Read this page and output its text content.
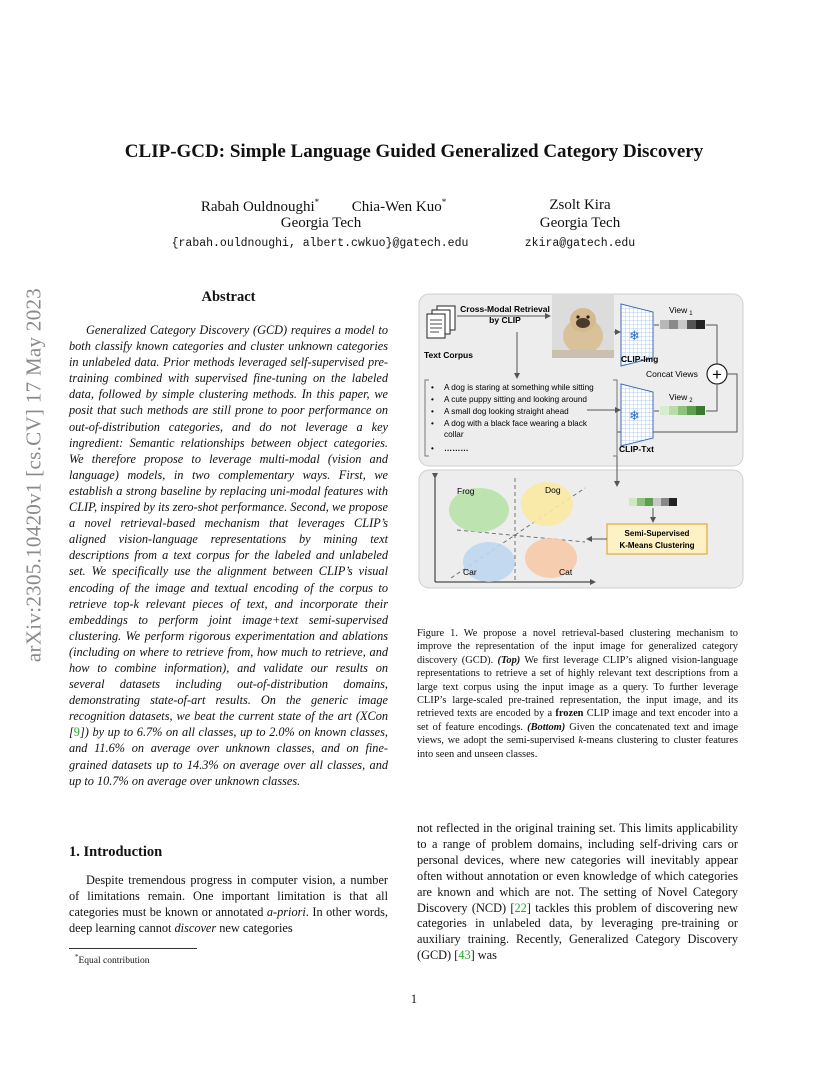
CLIP-GCD: Simple Language Guided Generalized Category Discovery
Rabah Ouldnoughi*	Chia-Wen Kuo*
Georgia Tech
Zsolt Kira
Georgia Tech
{rabah.ouldnoughi, albert.cwkuo}@gatech.edu	zkira@gatech.edu
arXiv:2305.10420v1 [cs.CV] 17 May 2023	Abstract

Generalized Category Discovery (GCD) requires a model to both classify known categories and cluster unknown categories in unlabeled data. Prior methods leveraged self-supervised pre-training combined with supervised fine-tuning on the labeled data, followed by simple clustering methods. In this paper, we posit that such methods are still prone to poor performance on out-of-distribution categories, and do not leverage a key ingredient: Semantic relationships between object categories. We therefore propose to leverage multi-modal (vision and language) models, in two complementary ways. First, we establish a strong baseline by replacing uni-modal features with CLIP, inspired by its zero-shot performance. Second, we propose a novel retrieval-based mechanism that leverages CLIP’s aligned vision-language representations by mining text descriptions from a text corpus for the labeled and unlabeled set. We specifically use the alignment between CLIP’s visual encoding of the image and textual encoding of the corpus to retrieve top-k relevant pieces of text, and incorporate their embeddings to perform joint image+text semi-supervised clustering. We perform rigorous experimentation and ablations (including on where to retrieve from, how much to retrieve, and how to combine information), and validate our results on several datasets including out-of-distribution domains, demonstrating state-of-art results. On the generic image recognition datasets, we beat the current state of the art (XCon [9]) by up to 6.7% on all classes, up to 2.0% on known classes, and 11.6% on average over unknown classes, and on fine-grained datasets up to 14.3% on average over all classes, and up to 10.7% on average over unknown classes.

1. Introduction

Despite tremendous progress in computer vision, a number of limitations remain. One important limitation is that all categories must be known or annotated a-priori. In other words, deep learning cannot discover new categories

*Equal contribution
Text Corpus
Cross-Modal Retrieval
by CLIP
❄
CLIP-Img
View $_1$
+
Concat Views
❄
CLIP-Txt
View $_2$
• A dog is staring at something while sitting
• A cute puppy sitting and looking around
• A small dog looking straight ahead
• A dog with a black face wearing a black
collar
• ………
Frog	Dog
Car	Cat
Semi-Supervised
K-Means Clustering

Figure 1. We propose a novel retrieval-based clustering mechanism to improve the representation of the input image for generalized category discovery (GCD). (Top) We first leverage CLIP’s aligned vision-language representations to retrieve a set of highly relevant text descriptions from a large text corpus using the input image as a query. To further leverage CLIP’s large-scaled pre-trained representation, the input image, and its retrieved texts are encoded by a frozen CLIP image and text encoder into a set of feature encodings. (Bottom) Given the concatenated text and image views, we adopt the semi-supervised k-means clustering to cluster features into seen and unseen classes.

not reflected in the original training set. This limits applicability to a range of problem domains, including self-driving cars or personal devices, where new categories will inevitably appear often without annotation or even knowledge of which categories are known and which are not. The setting of Novel Category Discovery (NCD) [22] tackles this problem of discovering new categories in unlabeled data, by leveraging pre-training or auxiliary training. Recently, Generalized Category Discovery (GCD) [43] was

1
